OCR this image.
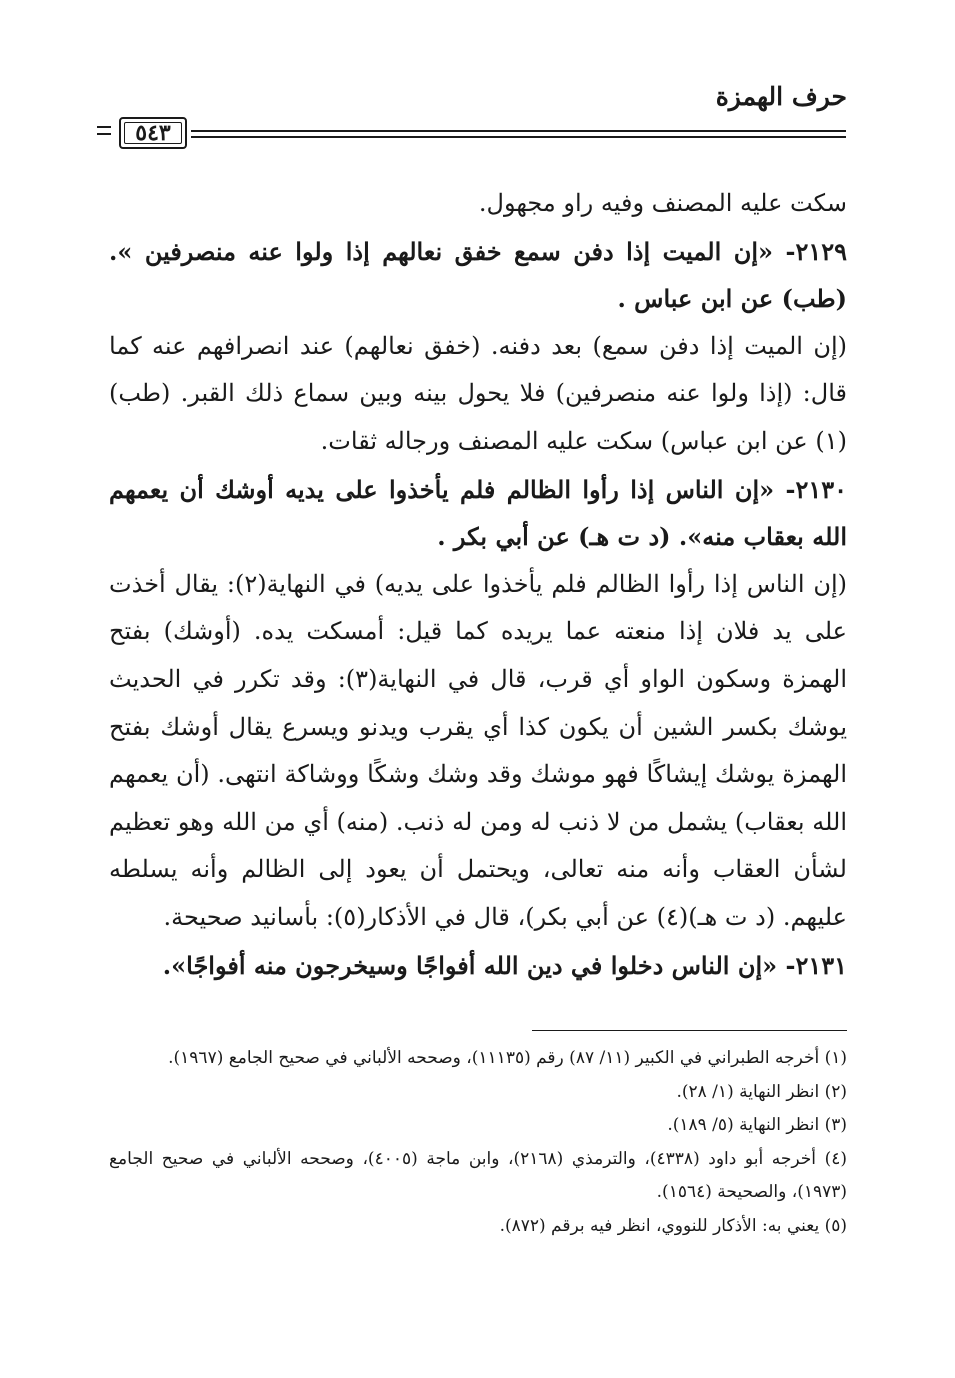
حرف الهمزة
٥٤٣

سكت عليه المصنف وفيه راو مجهول.

٢١٢٩- «إن الميت إذا دفن سمع خفق نعالهم إذا ولوا عنه منصرفين ». (طب) عن ابن عباس .

(إن الميت إذا دفن سمع) بعد دفنه. (خفق نعالهم) عند انصرافهم عنه كما قال: (إذا ولوا عنه منصرفين) فلا يحول بينه وبين سماع ذلك القبر. (طب)(١) عن ابن عباس) سكت عليه المصنف ورجاله ثقات.

٢١٣٠- «إن الناس إذا رأوا الظالم فلم يأخذوا على يديه أوشك أن يعمهم الله بعقاب منه». (د ت هـ) عن أبي بكر .

(إن الناس إذا رأوا الظالم فلم يأخذوا على يديه) في النهاية(٢): يقال أخذت على يد فلان إذا منعته عما يريده كما قيل: أمسكت يده. (أوشك) بفتح الهمزة وسكون الواو أي قرب، قال في النهاية(٣): وقد تكرر في الحديث يوشك بكسر الشين أن يكون كذا أي يقرب ويدنو ويسرع يقال أوشك بفتح الهمزة يوشك إيشاكًا فهو موشك وقد وشك وشكًا ووشاكة انتهى. (أن يعمهم الله بعقاب) يشمل من لا ذنب له ومن له ذنب. (منه) أي من الله وهو تعظيم لشأن العقاب وأنه منه تعالى، ويحتمل أن يعود إلى الظالم وأنه يسلطه عليهم. (د ت هـ)(٤) عن أبي بكر)، قال في الأذكار(٥): بأسانيد صحيحة.

٢١٣١- «إن الناس دخلوا في دين الله أفواجًا وسيخرجون منه أفواجًا».

(١) أخرجه الطبراني في الكبير (١١/ ٨٧) رقم (١١١٣٥)، وصححه الألباني في صحيح الجامع (١٩٦٧).

(٢) انظر النهاية (١/ ٢٨).

(٣) انظر النهاية (٥/ ١٨٩).

(٤) أخرجه أبو داود (٤٣٣٨)، والترمذي (٢١٦٨)، وابن ماجة (٤٠٠٥)، وصححه الألباني في صحيح الجامع (١٩٧٣)، والصحيحة (١٥٦٤).

(٥) يعني به: الأذكار للنووي، انظر فيه برقم (٨٧٢).
